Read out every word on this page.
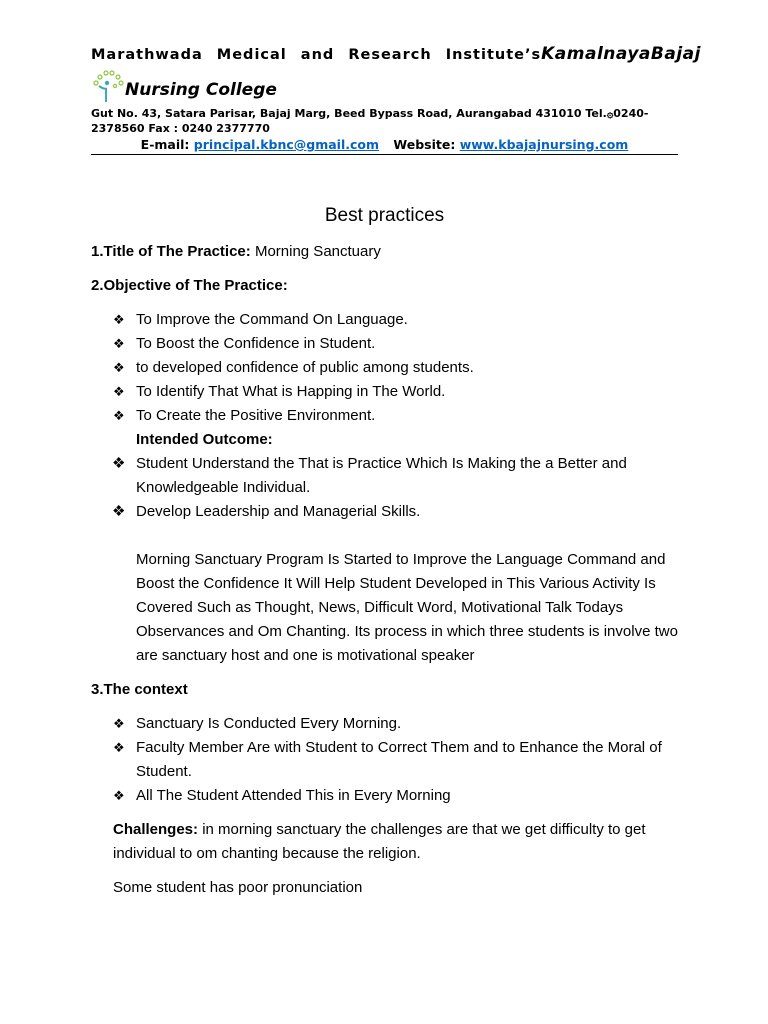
Marathwada Medical and Research Institute’s KamalnayaBajaj
Nursing College
Gut No. 43, Satara Parisar, Bajaj Marg, Beed Bypass Road, Aurangabad 431010 Tel.۞0240-2378560 Fax : 0240 2377770
E-mail: principal.kbnc@gmail.com Website: www.kbajajnursing.com
Best practices

1.Title of The Practice: Morning Sanctuary

2.Objective of The Practice:

❖ To Improve the Command On Language.
❖ To Boost the Confidence in Student.
❖ to developed confidence of public among students.
❖ To Identify That What is Happing in The World.
❖ To Create the Positive Environment.
Intended Outcome:
❖ Student Understand the That is Practice Which Is Making the a Better and Knowledgeable Individual.
❖ Develop Leadership and Managerial Skills.

Morning Sanctuary Program Is Started to Improve the Language Command and Boost the Confidence It Will Help Student Developed in This Various Activity Is Covered Such as Thought, News, Difficult Word, Motivational Talk Todays Observances and Om Chanting. Its process in which three students is involve two are sanctuary host and one is motivational speaker

3.The context

❖ Sanctuary Is Conducted Every Morning.
❖ Faculty Member Are with Student to Correct Them and to Enhance the Moral of Student.
❖ All The Student Attended This in Every Morning

Challenges: in morning sanctuary the challenges are that we get difficulty to get individual to om chanting because the religion.

Some student has poor pronunciation
